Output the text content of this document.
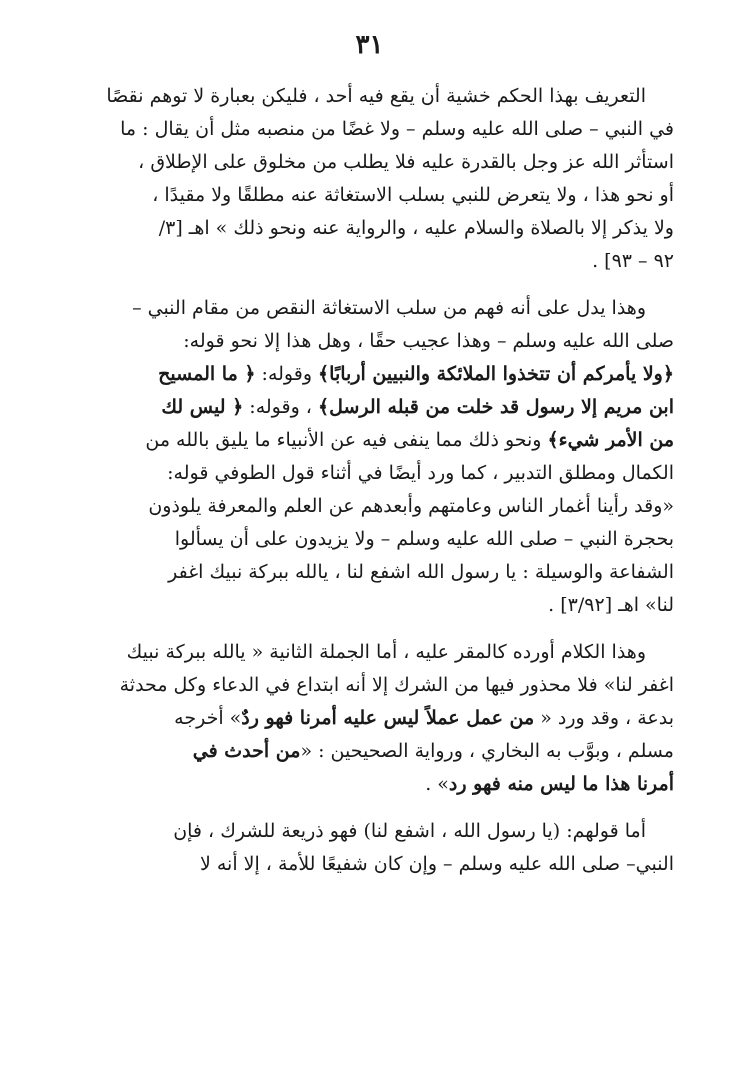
٣١
التعريف بهذا الحكم خشية أن يقع فيه أحد ، فليكن بعبارة لا توهم نقصًا
في النبي – صلى الله عليه وسلم – ولا غضًا من منصبه مثل أن يقال : ما
استأثر الله عز وجل بالقدرة عليه فلا يطلب من مخلوق على الإطلاق ،
أو نحو هذا ، ولا يتعرض للنبي بسلب الاستغاثة عنه مطلقًا ولا مقيدًا ،
ولا يذكر إلا بالصلاة والسلام عليه ، والرواية عنه ونحو ذلك » اهـ [٣/
٩٢ – ٩٣] .
وهذا يدل على أنه فهم من سلب الاستغاثة النقص من مقام النبي –
صلى الله عليه وسلم – وهذا عجيب حقًا ، وهل هذا إلا نحو قوله:
﴿ولا يأمركم أن تتخذوا الملائكة والنبيين أربابًا﴾ وقوله: ﴿ ما المسيح
ابن مريم إلا رسول قد خلت من قبله الرسل﴾ ، وقوله: ﴿ ليس لك
من الأمر شيء﴾ ونحو ذلك مما ينفى فيه عن الأنبياء ما يليق بالله من
الكمال ومطلق التدبير ، كما ورد أيضًا في أثناء قول الطوفي قوله:
«وقد رأينا أغمار الناس وعامتهم وأبعدهم عن العلم والمعرفة يلوذون
بحجرة النبي – صلى الله عليه وسلم – ولا يزيدون على أن يسألوا
الشفاعة والوسيلة : يا رسول الله اشفع لنا ، يالله ببركة نبيك اغفر
لنا» اهـ [٣/٩٢] .
وهذا الكلام أورده كالمقر عليه ، أما الجملة الثانية « يالله ببركة نبيك
اغفر لنا» فلا محذور فيها من الشرك إلا أنه ابتداع في الدعاء وكل محدثة
بدعة ، وقد ورد « من عمل عملاً ليس عليه أمرنا فهو ردٌ» أخرجه
مسلم ، وبوَّب به البخاري ، ورواية الصحيحين : «من أحدث في
أمرنا هذا ما ليس منه فهو رد» .
أما قولهم: (يا رسول الله ، اشفع لنا) فهو ذريعة للشرك ، فإن
النبي– صلى الله عليه وسلم – وإن كان شفيعًا للأمة ، إلا أنه لا
